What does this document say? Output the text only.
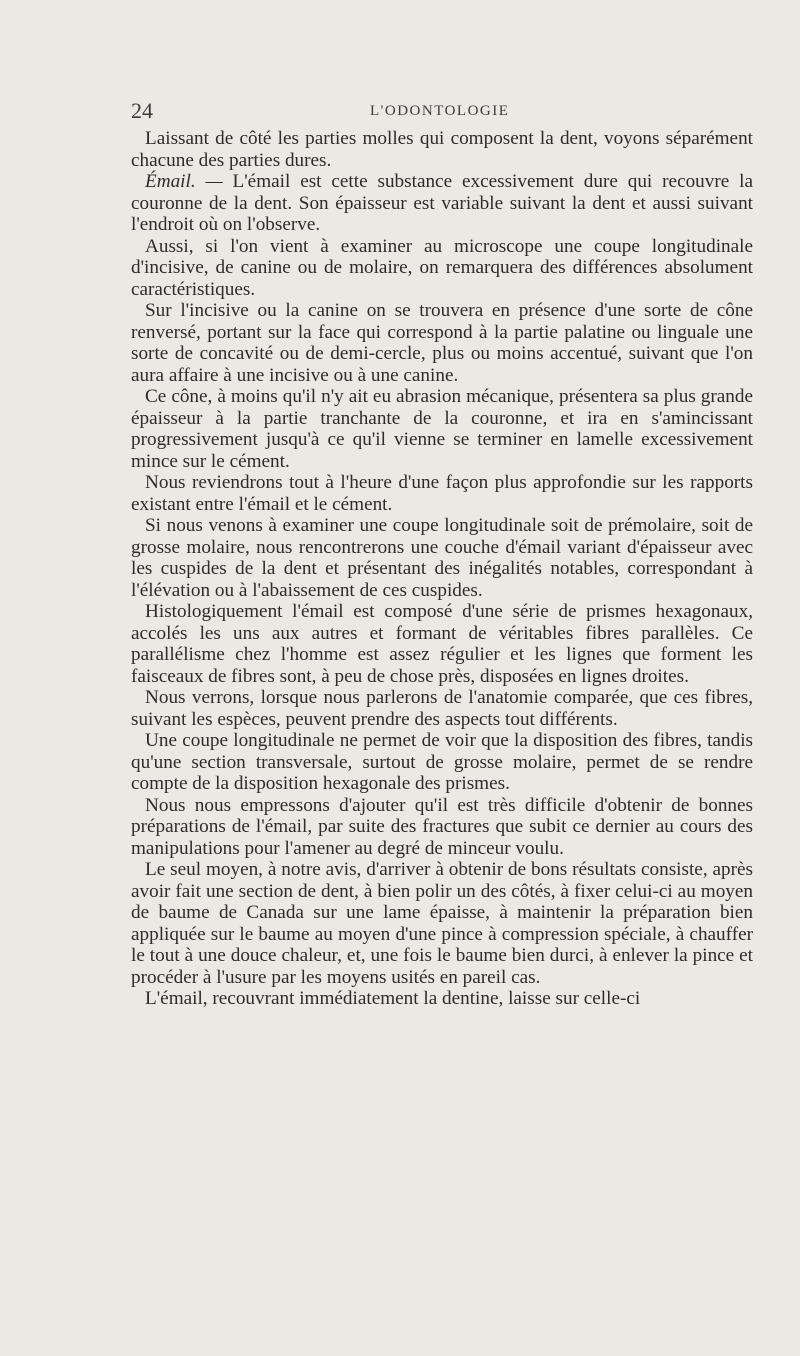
24	L'ODONTOLOGIE

Laissant de côté les parties molles qui composent la dent, voyons séparément chacune des parties dures.

Émail. — L'émail est cette substance excessivement dure qui recouvre la couronne de la dent. Son épaisseur est variable suivant la dent et aussi suivant l'endroit où on l'observe.

Aussi, si l'on vient à examiner au microscope une coupe longitudinale d'incisive, de canine ou de molaire, on remarquera des différences absolument caractéristiques.

Sur l'incisive ou la canine on se trouvera en présence d'une sorte de cône renversé, portant sur la face qui correspond à la partie palatine ou linguale une sorte de concavité ou de demi-cercle, plus ou moins accentué, suivant que l'on aura affaire à une incisive ou à une canine.

Ce cône, à moins qu'il n'y ait eu abrasion mécanique, présentera sa plus grande épaisseur à la partie tranchante de la couronne, et ira en s'amincissant progressivement jusqu'à ce qu'il vienne se terminer en lamelle excessivement mince sur le cément.

Nous reviendrons tout à l'heure d'une façon plus approfondie sur les rapports existant entre l'émail et le cément.

Si nous venons à examiner une coupe longitudinale soit de prémolaire, soit de grosse molaire, nous rencontrerons une couche d'émail variant d'épaisseur avec les cuspides de la dent et présentant des inégalités notables, correspondant à l'élévation ou à l'abaissement de ces cuspides.

Histologiquement l'émail est composé d'une série de prismes hexagonaux, accolés les uns aux autres et formant de véritables fibres parallèles. Ce parallélisme chez l'homme est assez régulier et les lignes que forment les faisceaux de fibres sont, à peu de chose près, disposées en lignes droites.

Nous verrons, lorsque nous parlerons de l'anatomie comparée, que ces fibres, suivant les espèces, peuvent prendre des aspects tout différents.

Une coupe longitudinale ne permet de voir que la disposition des fibres, tandis qu'une section transversale, surtout de grosse molaire, permet de se rendre compte de la disposition hexagonale des prismes.

Nous nous empressons d'ajouter qu'il est très difficile d'obtenir de bonnes préparations de l'émail, par suite des fractures que subit ce dernier au cours des manipulations pour l'amener au degré de minceur voulu.

Le seul moyen, à notre avis, d'arriver à obtenir de bons résultats consiste, après avoir fait une section de dent, à bien polir un des côtés, à fixer celui-ci au moyen de baume de Canada sur une lame épaisse, à maintenir la préparation bien appliquée sur le baume au moyen d'une pince à compression spéciale, à chauffer le tout à une douce chaleur, et, une fois le baume bien durci, à enlever la pince et procéder à l'usure par les moyens usités en pareil cas.

L'émail, recouvrant immédiatement la dentine, laisse sur celle-ci
